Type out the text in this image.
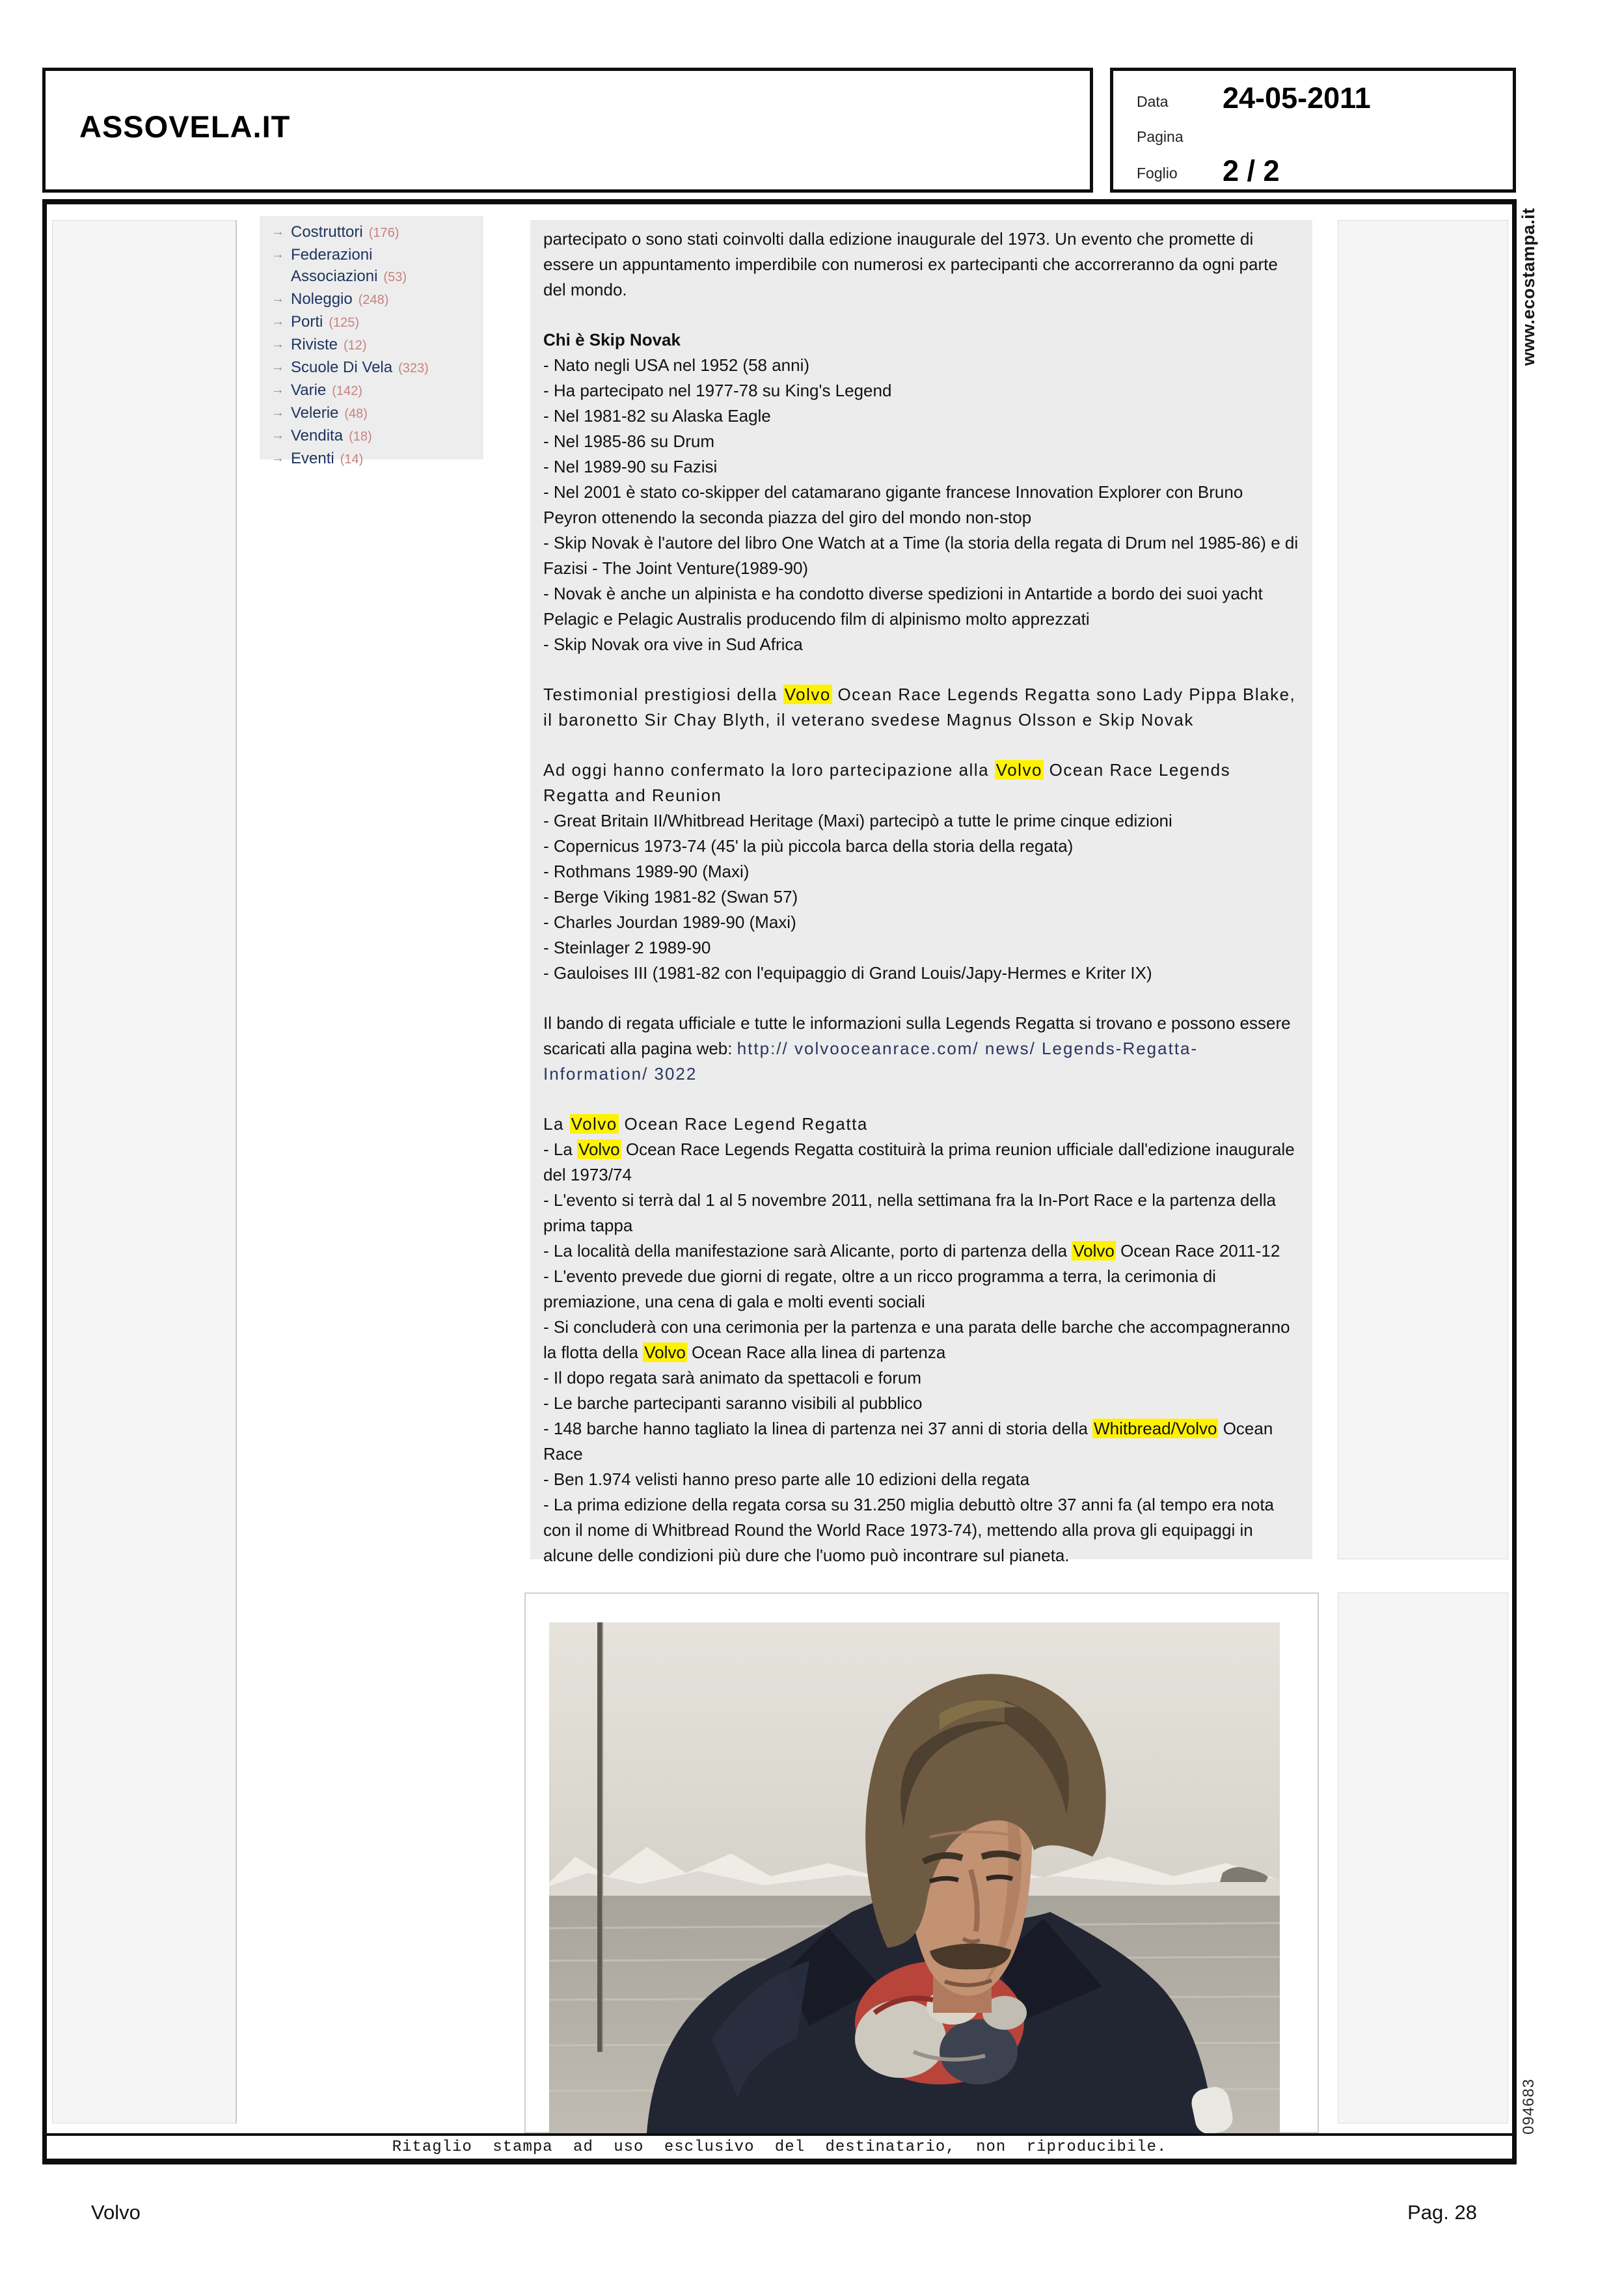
ASSOVELA.IT
Data 24-05-2011
Pagina
Foglio 2 / 2
→ Costruttori (176)
→ Federazioni Associazioni (53)
→ Noleggio (248)
→ Porti (125)
→ Riviste (12)
→ Scuole Di Vela (323)
→ Varie (142)
→ Velerie (48)
→ Vendita (18)
→ Eventi (14)
partecipato o sono stati coinvolti dalla edizione inaugurale del 1973. Un evento che promette di essere un appuntamento imperdibile con numerosi ex partecipanti che accorreranno da ogni parte del mondo.
Chi è Skip Novak
- Nato negli USA nel 1952 (58 anni)
- Ha partecipato nel 1977-78 su King's Legend
- Nel 1981-82 su Alaska Eagle
- Nel 1985-86 su Drum
- Nel 1989-90 su Fazisi
- Nel 2001 è stato co-skipper del catamarano gigante francese Innovation Explorer con Bruno Peyron ottenendo la seconda piazza del giro del mondo non-stop
- Skip Novak è l'autore del libro One Watch at a Time (la storia della regata di Drum nel 1985-86) e di Fazisi - The Joint Venture(1989-90)
- Novak è anche un alpinista e ha condotto diverse spedizioni in Antartide a bordo dei suoi yacht Pelagic e Pelagic Australis producendo film di alpinismo molto apprezzati
- Skip Novak ora vive in Sud Africa
Testimonial prestigiosi della Volvo Ocean Race Legends Regatta sono Lady Pippa Blake, il baronetto Sir Chay Blyth, il veterano svedese Magnus Olsson e Skip Novak
Ad oggi hanno confermato la loro partecipazione alla Volvo Ocean Race Legends Regatta and Reunion
- Great Britain II/Whitbread Heritage (Maxi) partecipò a tutte le prime cinque edizioni
- Copernicus 1973-74 (45' la più piccola barca della storia della regata)
- Rothmans 1989-90 (Maxi)
- Berge Viking 1981-82 (Swan 57)
- Charles Jourdan 1989-90 (Maxi)
- Steinlager 2 1989-90
- Gauloises III (1981-82 con l'equipaggio di Grand Louis/Japy-Hermes e Kriter IX)
Il bando di regata ufficiale e tutte le informazioni sulla Legends Regatta si trovano e possono essere scaricati alla pagina web: http:// volvooceanrace.com/ news/ Legends-Regatta-Information/ 3022
La Volvo Ocean Race Legend Regatta
- La Volvo Ocean Race Legends Regatta costituirà la prima reunion ufficiale dall'edizione inaugurale del 1973/74
- L'evento si terrà dal 1 al 5 novembre 2011, nella settimana fra la In-Port Race e la partenza della prima tappa
- La località della manifestazione sarà Alicante, porto di partenza della Volvo Ocean Race 2011-12
- L'evento prevede due giorni di regate, oltre a un ricco programma a terra, la cerimonia di premiazione, una cena di gala e molti eventi sociali
- Si concluderà con una cerimonia per la partenza e una parata delle barche che accompagneranno la flotta della Volvo Ocean Race alla linea di partenza
- Il dopo regata sarà animato da spettacoli e forum
- Le barche partecipanti saranno visibili al pubblico
- 148 barche hanno tagliato la linea di partenza nei 37 anni di storia della Whitbread/Volvo Ocean Race
- Ben 1.974 velisti hanno preso parte alle 10 edizioni della regata
- La prima edizione della regata corsa su 31.250 miglia debuttò oltre 37 anni fa (al tempo era nota con il nome di Whitbread Round the World Race 1973-74), mettendo alla prova gli equipaggi in alcune delle condizioni più dure che l'uomo può incontrare sul pianeta.
Ritaglio stampa ad uso esclusivo del destinatario, non riproducibile.
Volvo	Pag. 28
www.ecostampa.it
094683
